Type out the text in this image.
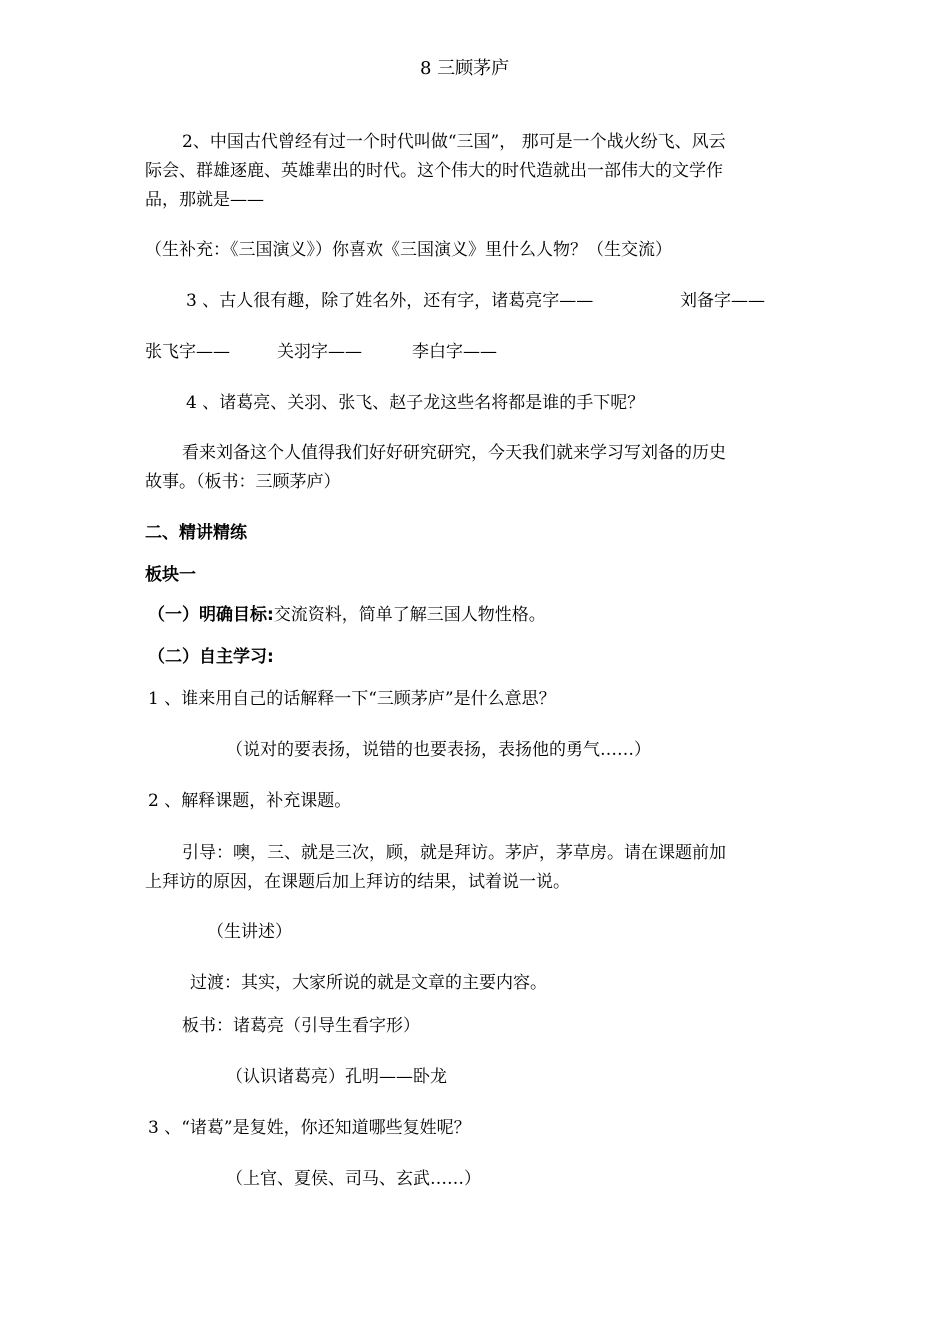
8 三顾茅庐
2、中国古代曾经有过一个时代叫做“三国”， 那可是一个战火纷飞、风云
际会、群雄逐鹿、英雄辈出的时代。这个伟大的时代造就出一部伟大的文学作
品，那就是——
（生补充：《三国演义》）你喜欢《三国演义》里什么人物？（生交流）
3 、古人很有趣，除了姓名外，还有字，诸葛亮字——	刘备字——
张飞字——	关羽字——	李白字——
4 、诸葛亮、关羽、张飞、赵子龙这些名将都是谁的手下呢？
看来刘备这个人值得我们好好研究研究，今天我们就来学习写刘备的历史
故事。（板书：三顾茅庐）
二、精讲精练
板块一
（一）明确目标:交流资料，简单了解三国人物性格。
（二）自主学习:
1 、谁来用自己的话解释一下“三顾茅庐”是什么意思？
（说对的要表扬，说错的也要表扬，表扬他的勇气……）
2 、解释课题，补充课题。
引导：噢，三、就是三次，顾，就是拜访。茅庐，茅草房。请在课题前加
上拜访的原因，在课题后加上拜访的结果，试着说一说。
（生讲述）
过渡：其实，大家所说的就是文章的主要内容。
板书：诸葛亮（引导生看字形）
（认识诸葛亮）孔明——卧龙
3 、“诸葛”是复姓，你还知道哪些复姓呢？
（上官、夏侯、司马、玄武……）
